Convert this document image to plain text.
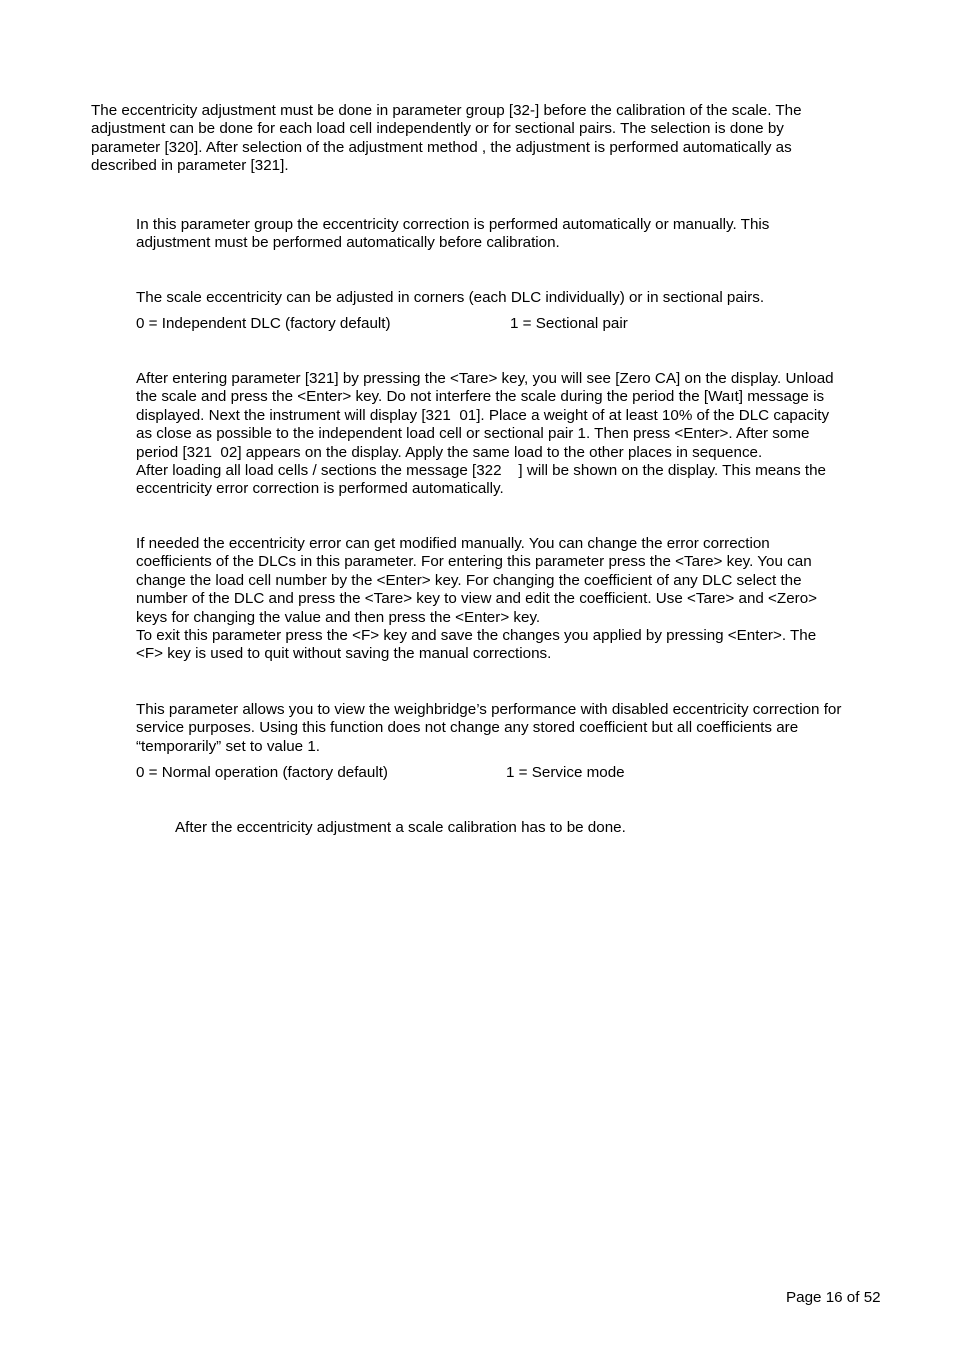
The eccentricity adjustment must be done in parameter group [32-] before the calibration of the scale. The
adjustment can be done for each load cell independently or for sectional pairs. The selection is done by
parameter [320]. After selection of the adjustment method , the adjustment is performed automatically as
described in parameter [321].

In this parameter group the eccentricity correction is performed automatically or manually. This
adjustment must be performed automatically before calibration.

The scale eccentricity can be adjusted in corners (each DLC individually) or in sectional pairs.

0 = Independent DLC (factory default)	1 = Sectional pair

After entering parameter [321] by pressing the <Tare> key, you will see [Zero CA] on the display. Unload
the scale and press the <Enter> key. Do not interfere the scale during the period the [Waıt] message is
displayed. Next the instrument will display [321  01]. Place a weight of at least 10% of the DLC capacity
as close as possible to the independent load cell or sectional pair 1. Then press <Enter>. After some
period [321  02] appears on the display. Apply the same load to the other places in sequence.
After loading all load cells / sections the message [322    ] will be shown on the display. This means the
eccentricity error correction is performed automatically.

If needed the eccentricity error can get modified manually. You can change the error correction
coefficients of the DLCs in this parameter. For entering this parameter press the <Tare> key. You can
change the load cell number by the <Enter> key. For changing the coefficient of any DLC select the
number of the DLC and press the <Tare> key to view and edit the coefficient. Use <Tare> and <Zero>
keys for changing the value and then press the <Enter> key.
To exit this parameter press the <F> key and save the changes you applied by pressing <Enter>. The
<F> key is used to quit without saving the manual corrections.

This parameter allows you to view the weighbridge’s performance with disabled eccentricity correction for
service purposes. Using this function does not change any stored coefficient but all coefficients are
“temporarily” set to value 1.

0 = Normal operation (factory default)	1 = Service mode

After the eccentricity adjustment a scale calibration has to be done.

Page 16 of 52
